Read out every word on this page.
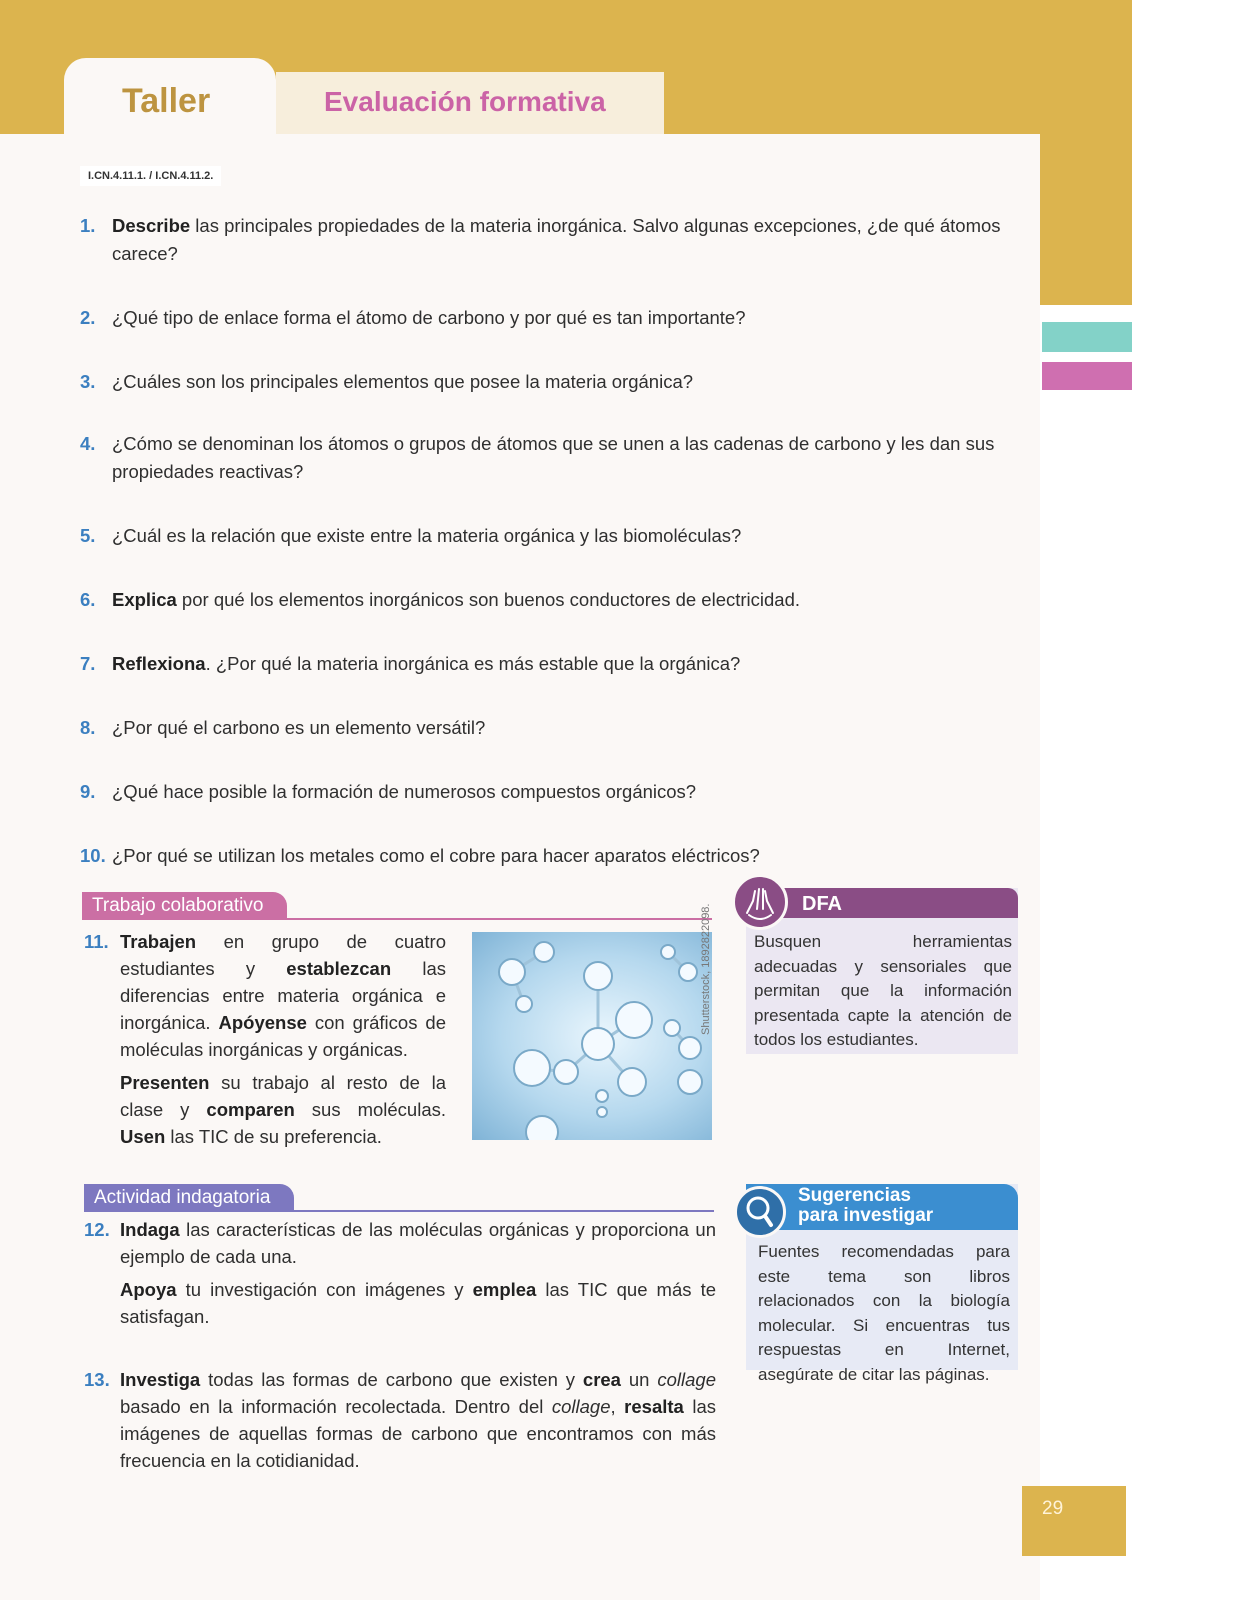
Taller	Evaluación formativa
I.CN.4.11.1. / I.CN.4.11.2.
1. Describe las principales propiedades de la materia inorgánica. Salvo algunas excepciones, ¿de qué átomos carece?
2. ¿Qué tipo de enlace forma el átomo de carbono y por qué es tan importante?
3. ¿Cuáles son los principales elementos que posee la materia orgánica?
4. ¿Cómo se denominan los átomos o grupos de átomos que se unen a las cadenas de carbono y les dan sus propiedades reactivas?
5. ¿Cuál es la relación que existe entre la materia orgánica y las biomoléculas?
6. Explica por qué los elementos inorgánicos son buenos conductores de electricidad.
7. Reflexiona. ¿Por qué la materia inorgánica es más estable que la orgánica?
8. ¿Por qué el carbono es un elemento versátil?
9. ¿Qué hace posible la formación de numerosos compuestos orgánicos?
10. ¿Por qué se utilizan los metales como el cobre para hacer aparatos eléctricos?
Trabajo colaborativo
11. Trabajen en grupo de cuatro estudiantes y establezcan las diferencias entre materia orgánica e inorgánica. Apóyense con gráficos de moléculas inorgánicas y orgánicas.

Presenten su trabajo al resto de la clase y comparen sus moléculas. Usen las TIC de su preferencia.

DFA
Busquen herramientas adecuadas y sensoriales que permitan que la información presentada capte la atención de todos los estudiantes.
Actividad indagatoria
12. Indaga las características de las moléculas orgánicas y proporciona un ejemplo de cada una.

Apoya tu investigación con imágenes y emplea las TIC que más te satisfagan.

13. Investiga todas las formas de carbono que existen y crea un collage basado en la información recolectada. Dentro del collage, resalta las imágenes de aquellas formas de carbono que encontramos con más frecuencia en la cotidianidad.

Sugerencias
para investigar
Fuentes recomendadas para este tema son libros relacionados con la biología molecular. Si encuentras tus respuestas en Internet, asegúrate de citar las páginas.
29
